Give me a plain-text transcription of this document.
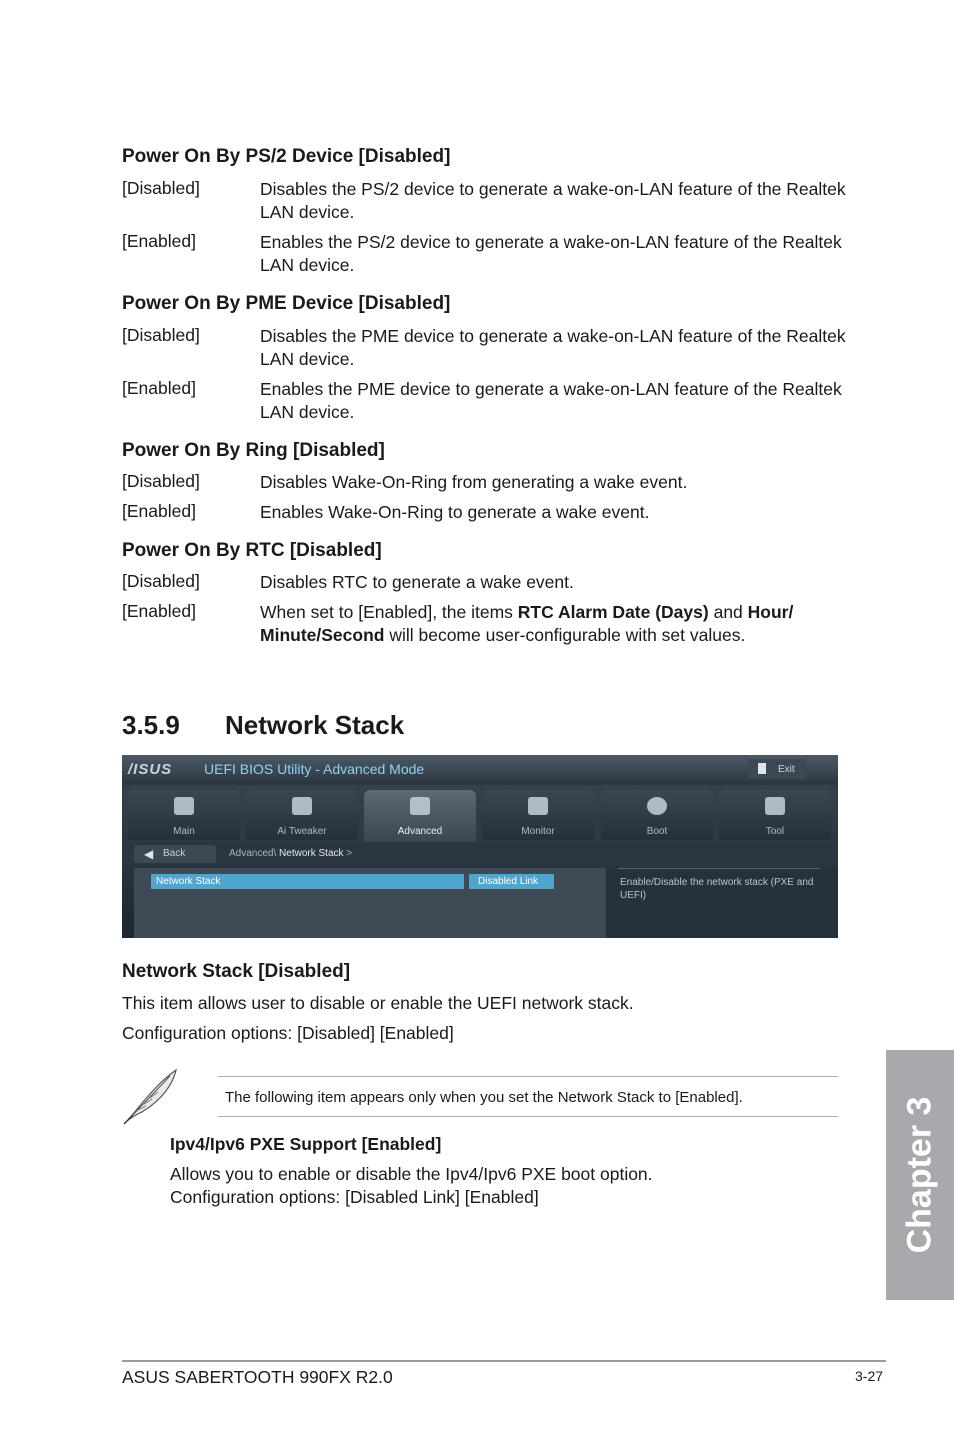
Power On By PS/2 Device [Disabled]
[Disabled]	Disables the PS/2 device to generate a wake-on-LAN feature of the Realtek LAN device.
[Enabled]	Enables the PS/2 device to generate a wake-on-LAN feature of the Realtek LAN device.
Power On By PME Device [Disabled]
[Disabled]	Disables the PME device to generate a wake-on-LAN feature of the Realtek LAN device.
[Enabled]	Enables the PME device to generate a wake-on-LAN feature of the Realtek LAN device.
Power On By Ring [Disabled]
[Disabled]	Disables Wake-On-Ring from generating a wake event.
[Enabled]	Enables Wake-On-Ring to generate a wake event.
Power On By RTC [Disabled]
[Disabled]	Disables RTC to generate a wake event.
[Enabled]	When set to [Enabled], the items RTC Alarm Date (Days) and Hour/ Minute/Second will become user-configurable with set values.
3.5.9 Network Stack
/ISUS UEFI BIOS Utility - Advanced Mode	Exit
Main	Ai Tweaker	Advanced	Monitor	Boot	Tool
◀ Back	Advanced\ Network Stack >
Network Stack	Disabled Link	Enable/Disable the network stack (PXE and UEFI)
Network Stack [Disabled]
This item allows user to disable or enable the UEFI network stack.
Configuration options: [Disabled] [Enabled]
The following item appears only when you set the Network Stack to [Enabled].
Ipv4/Ipv6 PXE Support [Enabled]
Allows you to enable or disable the Ipv4/Ipv6 PXE boot option.
Configuration options: [Disabled Link] [Enabled]	Chapter 3
ASUS SABERTOOTH 990FX R2.0	3-27
